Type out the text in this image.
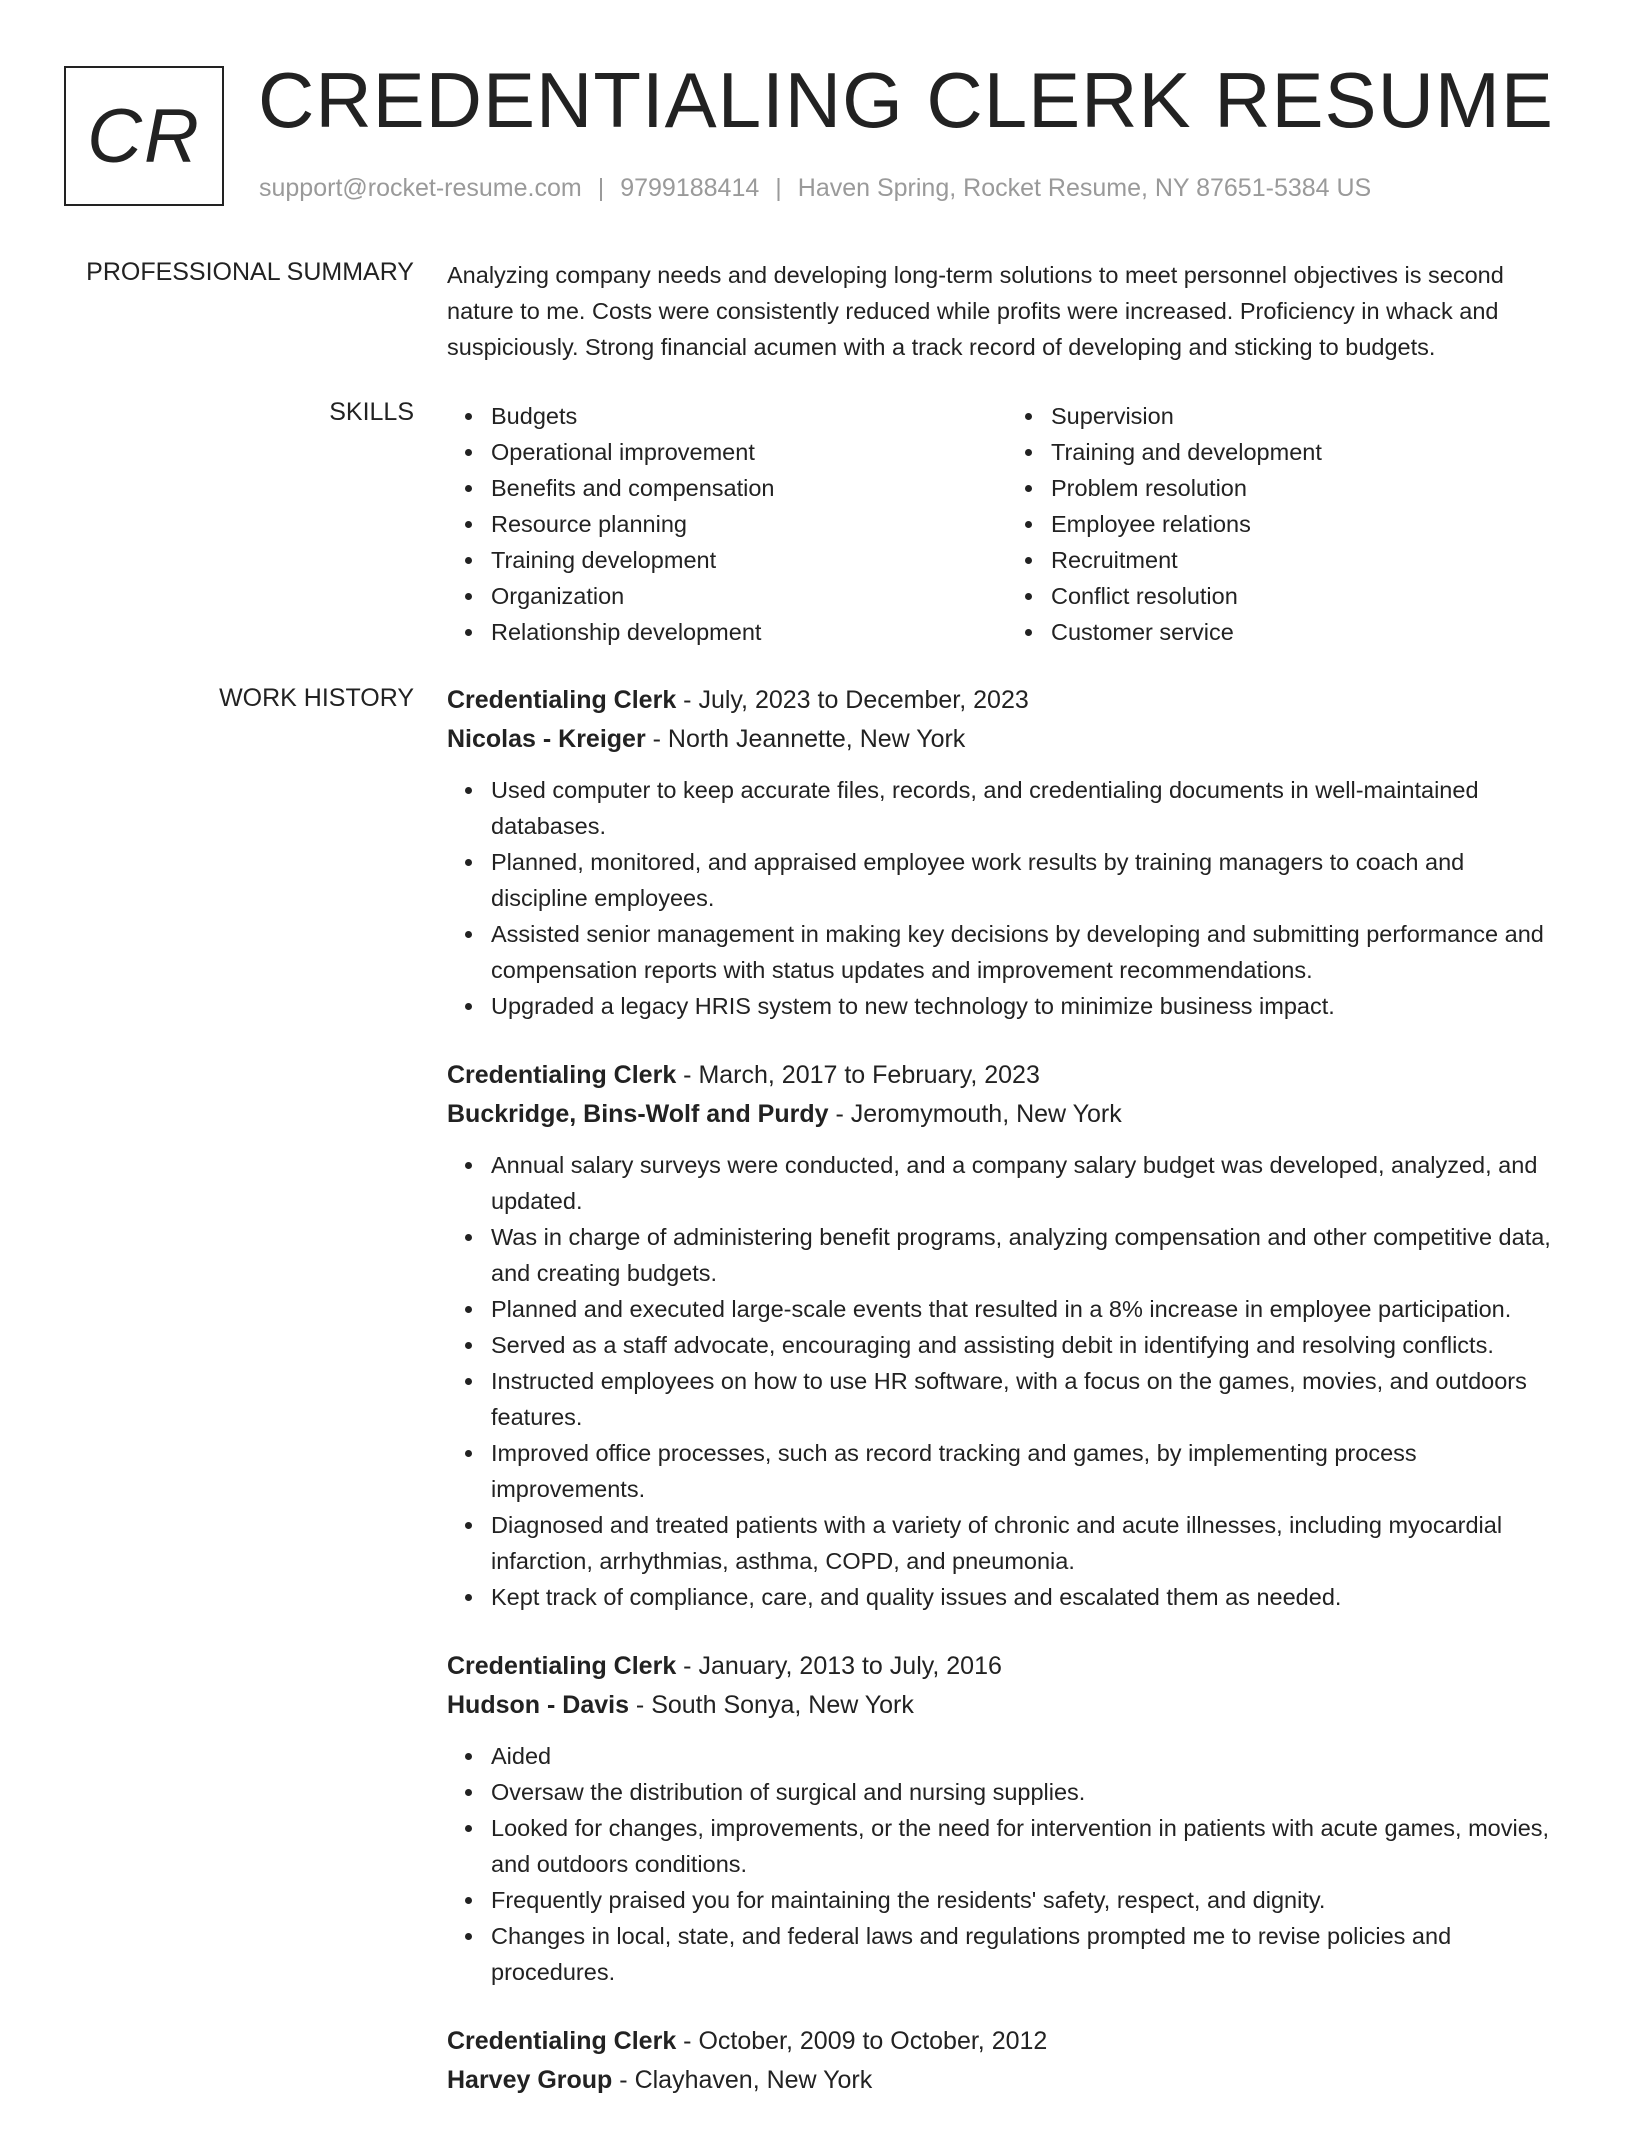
CR CREDENTIALING CLERK RESUME
support@rocket-resume.com | 9799188414 | Haven Spring, Rocket Resume, NY 87651-5384 US
PROFESSIONAL SUMMARY Analyzing company needs and developing long-term solutions to meet personnel objectives is second nature to me. Costs were consistently reduced while profits were increased. Proficiency in whack and suspiciously. Strong financial acumen with a track record of developing and sticking to budgets.

SKILLS	Budgets
Operational improvement
Benefits and compensation
Resource planning
Training development
Organization
Relationship development
Supervision
Training and development
Problem resolution
Employee relations
Recruitment
Conflict resolution
Customer service
WORK HISTORY Credentialing Clerk - July, 2023 to December, 2023
Nicolas - Kreiger - North Jeannette, New York
Used computer to keep accurate files, records, and credentialing documents in well-maintained databases.
Planned, monitored, and appraised employee work results by training managers to coach and discipline employees.
Assisted senior management in making key decisions by developing and submitting performance and compensation reports with status updates and improvement recommendations.
Upgraded a legacy HRIS system to new technology to minimize business impact.
Credentialing Clerk - March, 2017 to February, 2023
Buckridge, Bins-Wolf and Purdy - Jeromymouth, New York
Annual salary surveys were conducted, and a company salary budget was developed, analyzed, and updated.
Was in charge of administering benefit programs, analyzing compensation and other competitive data, and creating budgets.
Planned and executed large-scale events that resulted in a 8% increase in employee participation.
Served as a staff advocate, encouraging and assisting debit in identifying and resolving conflicts.
Instructed employees on how to use HR software, with a focus on the games, movies, and outdoors features.
Improved office processes, such as record tracking and games, by implementing process improvements.
Diagnosed and treated patients with a variety of chronic and acute illnesses, including myocardial infarction, arrhythmias, asthma, COPD, and pneumonia.
Kept track of compliance, care, and quality issues and escalated them as needed.
Credentialing Clerk - January, 2013 to July, 2016
Hudson - Davis - South Sonya, New York
Aided
Oversaw the distribution of surgical and nursing supplies.
Looked for changes, improvements, or the need for intervention in patients with acute games, movies, and outdoors conditions.
Frequently praised you for maintaining the residents' safety, respect, and dignity.
Changes in local, state, and federal laws and regulations prompted me to revise policies and procedures.
Credentialing Clerk - October, 2009 to October, 2012
Harvey Group - Clayhaven, New York
